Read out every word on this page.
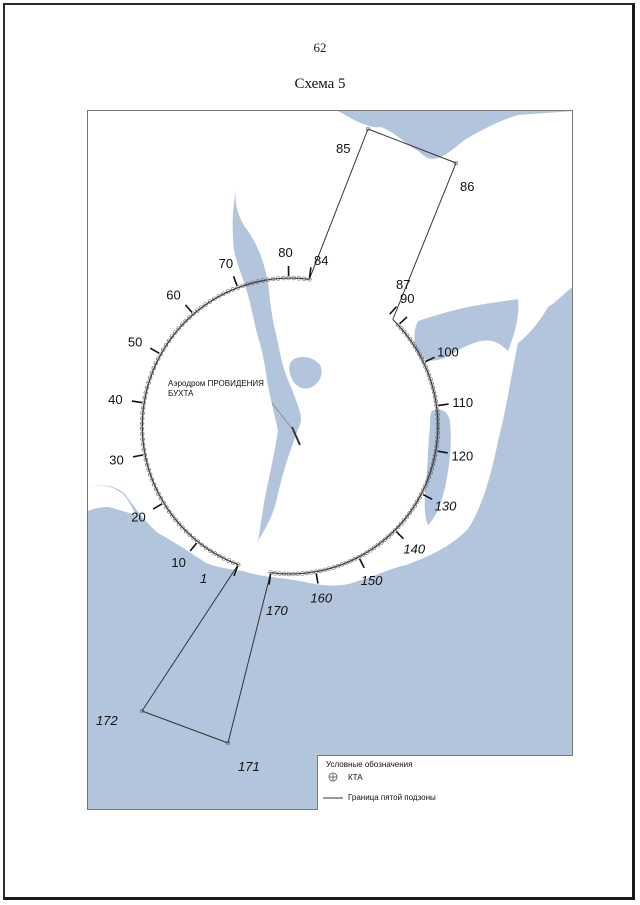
62
Схема 5
1
10
20
30
40
50
60
70
80
84
85
86
87
90
100
110
120
130
140
150
160
170
171
172
Аэродром ПРОВИДЕНИЯ
БУХТА
Условные обозначения
КТА
Граница пятой подзоны
